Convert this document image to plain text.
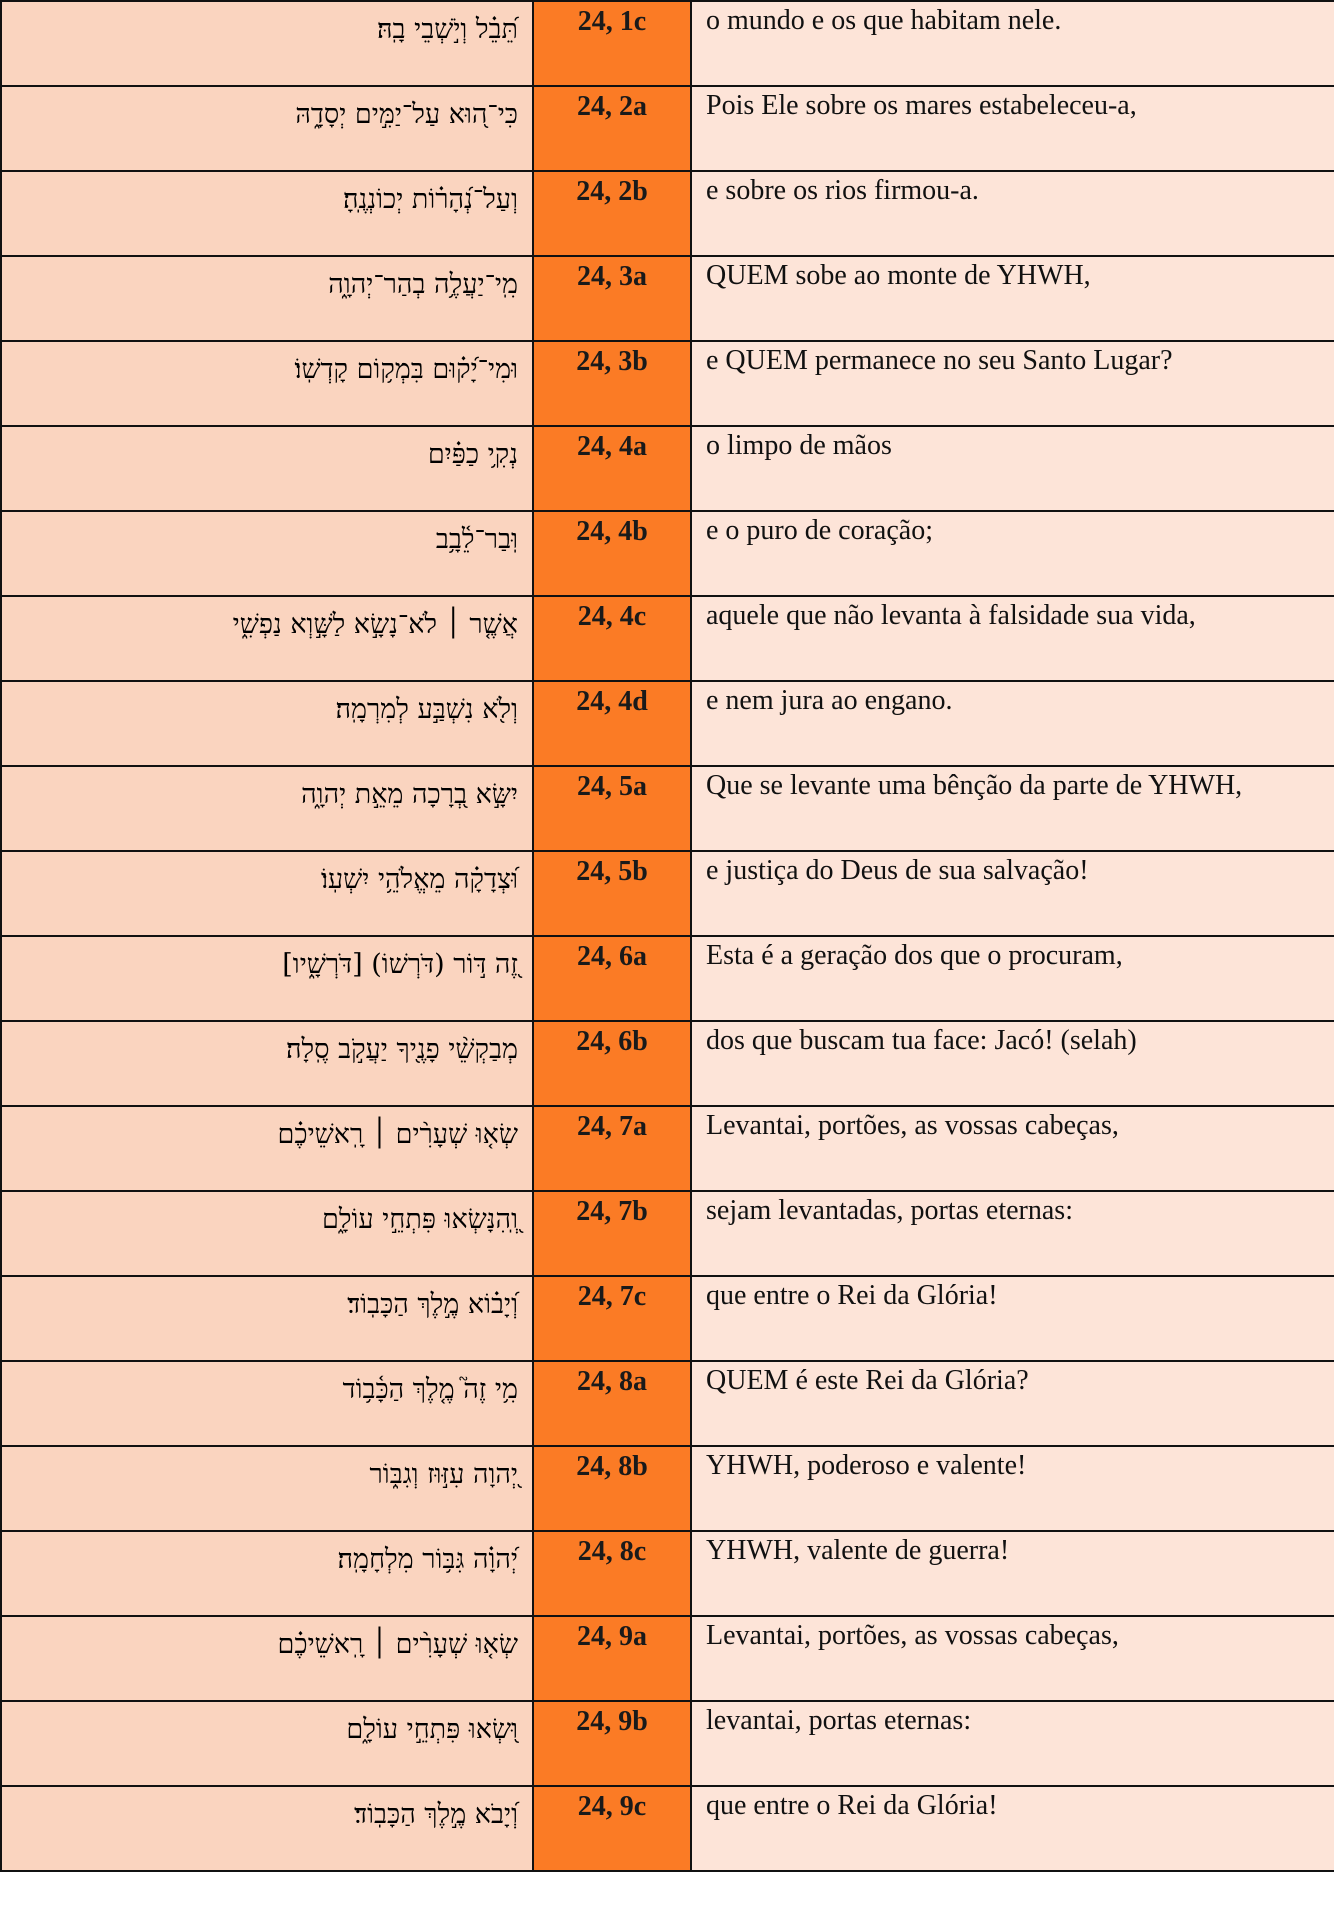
תֵּ֝בֵ֗ל וְיֹ֣שְׁבֵי בָֽהּ׃	24, 1c	o mundo e os que habitam nele.
כִּי־ה֭וּא עַל־יַמִּ֣ים יְסָדָ֑הּ	24, 2a	Pois Ele sobre os mares estabeleceu-a,
וְעַל־נְ֝הָר֗וֹת יְכוֹנְנֶֽהָ׃	24, 2b	e sobre os rios firmou-a.
מִֽי־יַעֲלֶ֥ה בְהַר־יְהוָ֑ה	24, 3a	QUEM sobe ao monte de YHWH,
וּמִי־יָ֝ק֗וּם בִּמְק֥וֹם קָדְשֽׁוֹ׃	24, 3b	e QUEM permanece no seu Santo Lugar?
נְקִ֥י כַפַּ֗יִם	24, 4a	o limpo de mãos
וּֽבַר־לֵ֫בָ֥ב	24, 4b	e o puro de coração;
אֲשֶׁ֤ר ׀ לֹא־נָשָׂ֣א לַשָּׁ֣וְא נַפְשִׁ֑י	24, 4c	aquele que não levanta à falsidade sua vida,
וְלֹ֖א נִשְׁבַּ֣ע לְמִרְמָֽה׃	24, 4d	e nem jura ao engano.
יִשָּׂ֣א בְ֭רָכָה מֵאֵ֣ת יְהוָ֑ה	24, 5a	Que se levante uma bênção da parte de YHWH,
וּ֝צְדָקָ֗ה מֵאֱלֹהֵ֥י יִשְׁעֽוֹ׃	24, 5b	e justiça do Deus de sua salvação!
זֶ֭ה דּ֣וֹר (דֹּרְשׁוֹ) [דֹּרְשָׁ֑יו]	24, 6a	Esta é a geração dos que o procuram,
מְבַקְשֵׁ֨י פָנֶ֖יךָ יַעֲקֹ֣ב סֶֽלָה׃	24, 6b	dos que buscam tua face: Jacó! (selah)
שְׂא֤וּ שְׁעָרִ֨ים ׀ רָֽאשֵׁיכֶ֗ם	24, 7a	Levantai, portões, as vossas cabeças,
וְֽ֭הִנָּשְׂאוּ פִּתְחֵ֣י עוֹלָ֑ם	24, 7b	sejam levantadas, portas eternas:
וְ֝יָב֗וֹא מֶ֣לֶךְ הַכָּבֽוֹד׃	24, 7c	que entre o Rei da Glória!
מִ֥י זֶה֮ מֶ֤לֶךְ הַכָּ֫ב֥וֹד	24, 8a	QUEM é este Rei da Glória?
יְ֭הוָה עִזּ֣וּז וְגִבּ֑וֹר	24, 8b	YHWH, poderoso e valente!
יְ֝הוָ֗ה גִּבּ֥וֹר מִלְחָמָֽה׃	24, 8c	YHWH, valente de guerra!
שְׂא֤וּ שְׁעָרִ֨ים ׀ רָֽאשֵׁיכֶ֗ם	24, 9a	Levantai, portões, as vossas cabeças,
וּ֭שְׂאוּ פִּתְחֵ֣י עוֹלָ֑ם	24, 9b	levantai, portas eternas:
וְ֝יָבֹא מֶ֣לֶךְ הַכָּבֽוֹד׃	24, 9c	que entre o Rei da Glória!
